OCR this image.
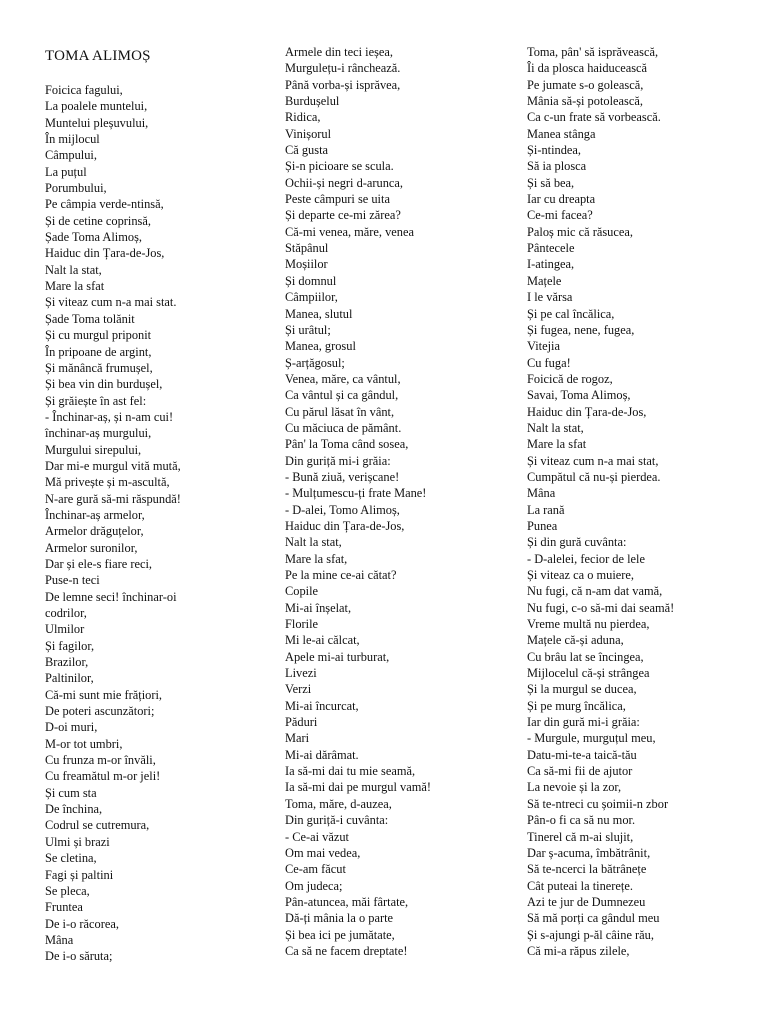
TOMA ALIMOȘ
Foicica fagului,
La poalele muntelui,
Muntelui pleșuvului,
În mijlocul
Câmpului,
La puțul
Porumbului,
Pe câmpia verde-ntinsă,
Și de cetine coprinsă,
Șade Toma Alimoș,
Haiduc din Țara-de-Jos,
Nalt la stat,
Mare la sfat
Și viteaz cum n-a mai stat.
Șade Toma tolănit
Și cu murgul priponit
În pripoane de argint,
Și mănâncă frumușel,
Și bea vin din burdușel,
Și grăiește în ast fel:
- Închinar-aș, și n-am cui!
închinar-aș murgului,
Murgului sirepului,
Dar mi-e murgul vită mută,
Mă privește și m-ascultă,
N-are gură să-mi răspundă!
Închinar-aș armelor,
Armelor drăguțelor,
Armelor suronilor,
Dar și ele-s fiare reci,
Puse-n teci
De lemne seci! închinar-oi
codrilor,
Ulmilor
Și fagilor,
Brazilor,
Paltinilor,
Că-mi sunt mie frățiori,
De poteri ascunzători;
D-oi muri,
M-or tot umbri,
Cu frunza m-or învăli,
Cu freamătul m-or jeli!
Și cum sta
De închina,
Codrul se cutremura,
Ulmi și brazi
Se cletina,
Fagi și paltini
Se pleca,
Fruntea
De i-o răcorea,
Mâna
De i-o săruta;
Armele din teci ieșea,
Murgulețu-i rânchează.
Până vorba-și isprăvea,
Burdușelul
Ridica,
Vinișorul
Că gusta
Și-n picioare se scula.
Ochii-și negri d-arunca,
Peste câmpuri se uita
Și departe ce-mi zărea?
Că-mi venea, măre, venea
Stăpânul
Moșiilor
Și domnul
Câmpiilor,
Manea, slutul
Și urâtul;
Manea, grosul
Ș-arțăgosul;
Venea, măre, ca vântul,
Ca vântul și ca gândul,
Cu părul lăsat în vânt,
Cu măciuca de pământ.
Pân' la Toma când sosea,
Din guriță mi-i grăia:
- Bună ziuă, verișcane!
- Mulțumescu-ți frate Mane!
- D-alei, Tomo Alimoș,
Haiduc din Țara-de-Jos,
Nalt la stat,
Mare la sfat,
Pe la mine ce-ai cătat?
Copile
Mi-ai înșelat,
Florile
Mi le-ai călcat,
Apele mi-ai turburat,
Livezi
Verzi
Mi-ai încurcat,
Păduri
Mari
Mi-ai dărâmat.
Ia să-mi dai tu mie seamă,
Ia să-mi dai pe murgul vamă!
Toma, măre, d-auzea,
Din guriță-i cuvânta:
- Ce-ai văzut
Om mai vedea,
Ce-am făcut
Om judeca;
Pân-atuncea, măi fârtate,
Dă-ți mânia la o parte
Și bea ici pe jumătate,
Ca să ne facem dreptate!
Toma, pân' să isprăvească,
Îi da plosca haiducească
Pe jumate s-o golească,
Mânia să-și potolească,
Ca c-un frate să vorbească.
Manea stânga
Și-ntindea,
Să ia plosca
Și să bea,
Iar cu dreapta
Ce-mi facea?
Paloș mic că răsucea,
Pântecele
I-atingea,
Mațele
I le vărsa
Și pe cal încălica,
Și fugea, nene, fugea,
Vitejia
Cu fuga!
Foicică de rogoz,
Savai, Toma Alimoș,
Haiduc din Țara-de-Jos,
Nalt la stat,
Mare la sfat
Și viteaz cum n-a mai stat,
Cumpătul că nu-și pierdea.
Mâna
La rană
Punea
Și din gură cuvânta:
- D-alelei, fecior de lele
Și viteaz ca o muiere,
Nu fugi, că n-am dat vamă,
Nu fugi, c-o să-mi dai seamă!
Vreme multă nu pierdea,
Mațele că-și aduna,
Cu brâu lat se încingea,
Mijlocelul că-și strângea
Și la murgul se ducea,
Și pe murg încălica,
Iar din gură mi-i grăia:
- Murgule, murguțul meu,
Datu-mi-te-a taică-tău
Ca să-mi fii de ajutor
La nevoie și la zor,
Să te-ntreci cu șoimii-n zbor
Pân-o fi ca să nu mor.
Tinerel că m-ai slujit,
Dar ș-acuma, îmbătrânit,
Să te-ncerci la bătrânețe
Cât puteai la tinerețe.
Azi te jur de Dumnezeu
Să mă porți ca gândul meu
Și s-ajungi p-ăl câine rău,
Că mi-a răpus zilele,
